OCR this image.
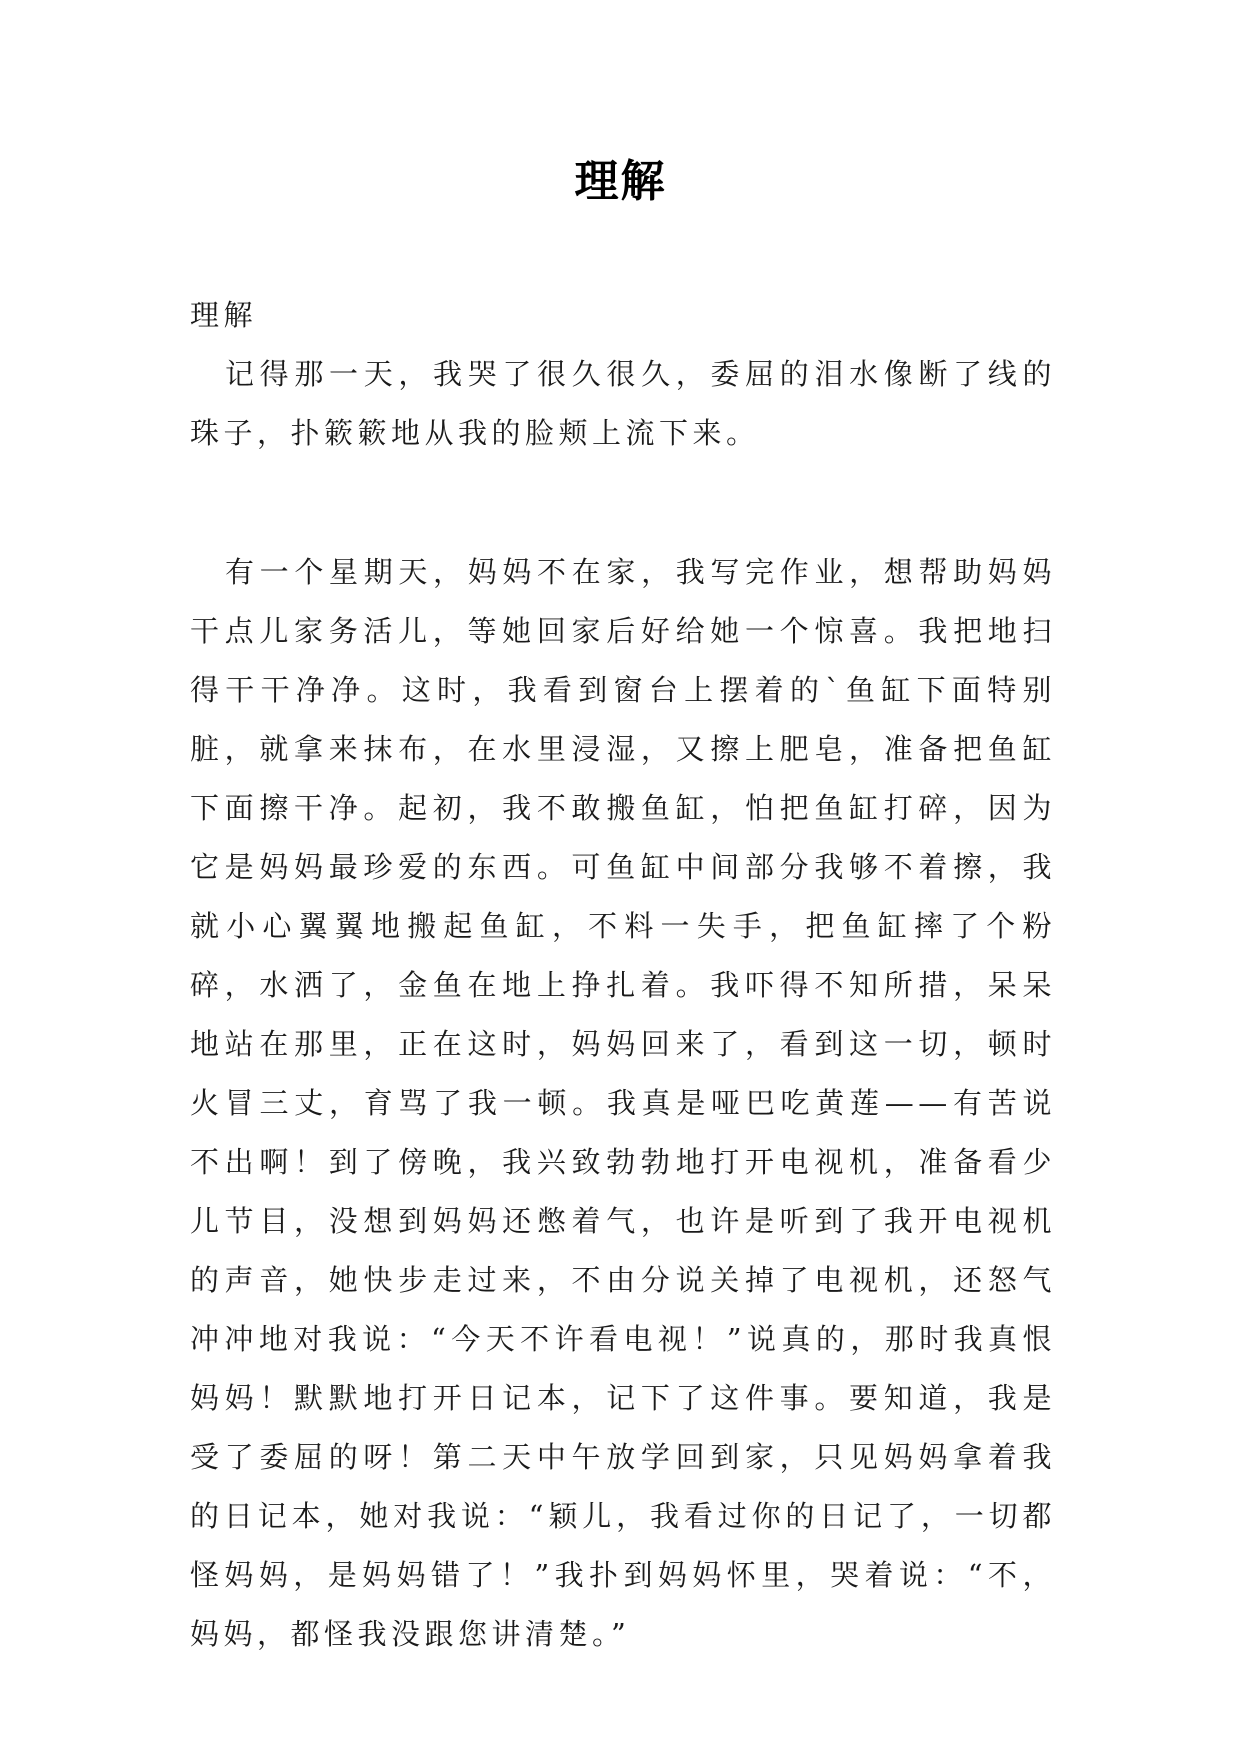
理解

理解

记得那一天，我哭了很久很久，委屈的泪水像断了线的珠子，扑簌簌地从我的脸颊上流下来。

有一个星期天，妈妈不在家，我写完作业，想帮助妈妈干点儿家务活儿，等她回家后好给她一个惊喜。我把地扫得干干净净。这时，我看到窗台上摆着的`鱼缸下面特别脏，就拿来抹布，在水里浸湿，又擦上肥皂，准备把鱼缸下面擦干净。起初，我不敢搬鱼缸，怕把鱼缸打碎，因为它是妈妈最珍爱的东西。可鱼缸中间部分我够不着擦，我就小心翼翼地搬起鱼缸，不料一失手，把鱼缸摔了个粉碎，水洒了，金鱼在地上挣扎着。我吓得不知所措，呆呆地站在那里，正在这时，妈妈回来了，看到这一切，顿时火冒三丈，育骂了我一顿。我真是哑巴吃黄莲——有苦说不出啊！到了傍晚，我兴致勃勃地打开电视机，准备看少儿节目，没想到妈妈还憋着气，也许是听到了我开电视机的声音，她快步走过来，不由分说关掉了电视机，还怒气冲冲地对我说：“今天不许看电视！”说真的，那时我真恨妈妈！默默地打开日记本，记下了这件事。要知道，我是受了委屈的呀！第二天中午放学回到家，只见妈妈拿着我的日记本，她对我说：“颖儿，我看过你的日记了，一切都怪妈妈，是妈妈错了！”我扑到妈妈怀里，哭着说：“不，妈妈，都怪我没跟您讲清楚。”
